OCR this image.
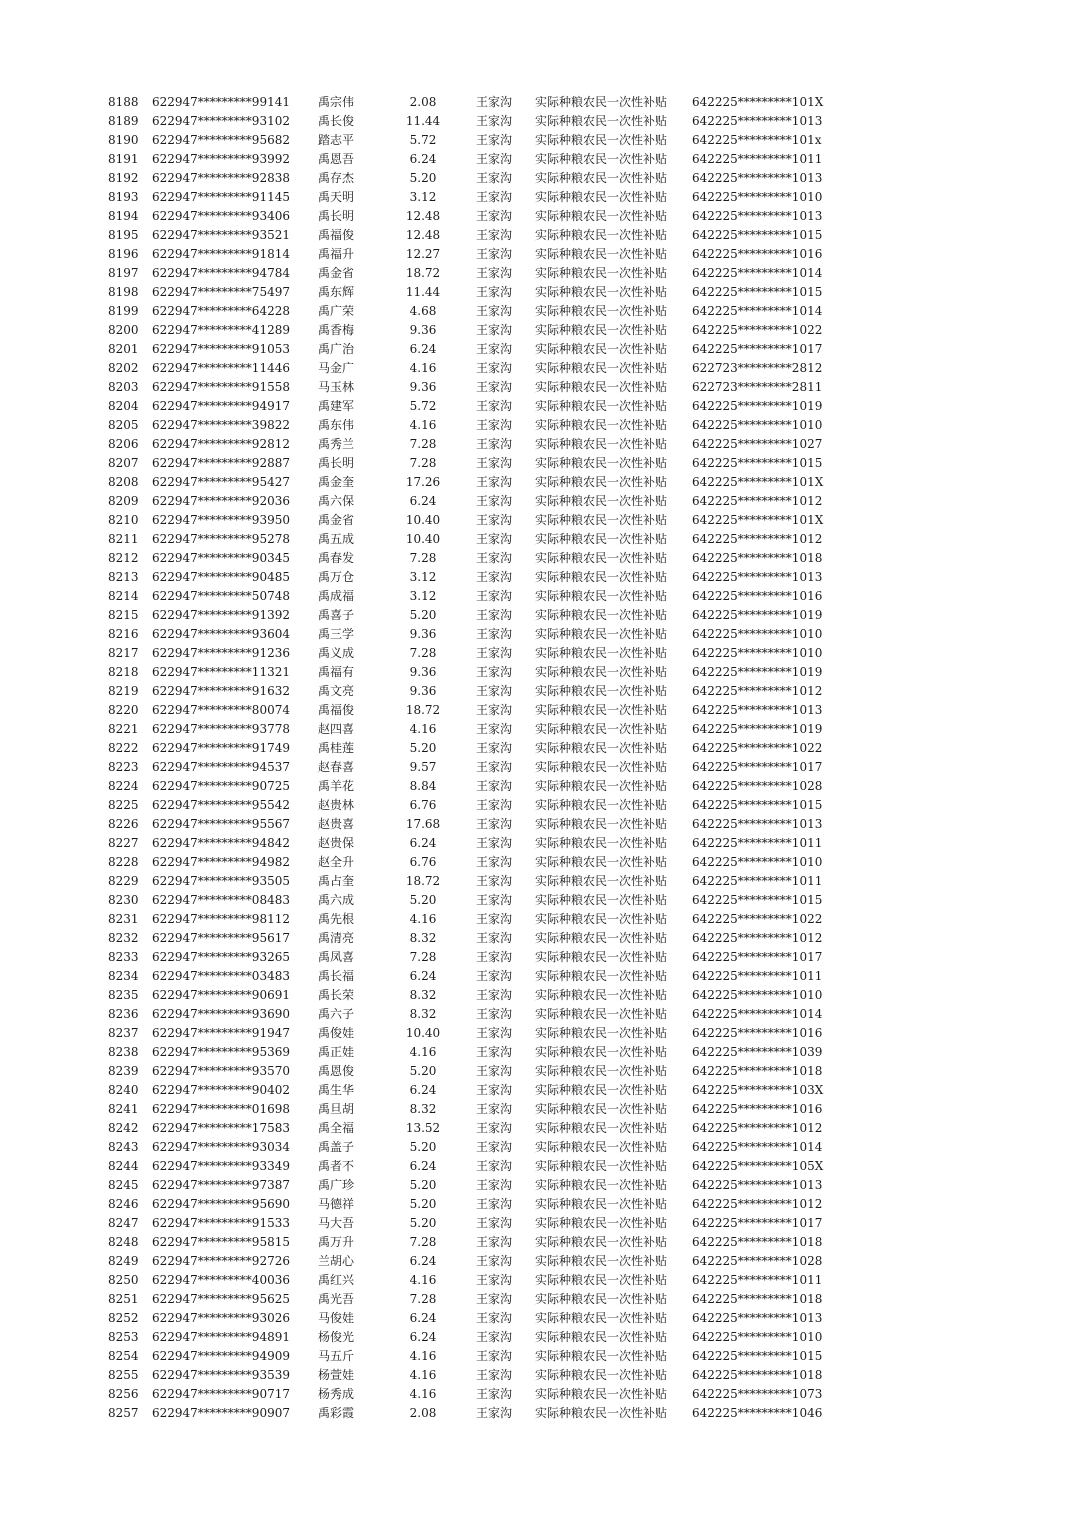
8188 622947*********99141 禹宗伟	2.08	王家沟 实际种粮农民一次性补贴 642225*********101X
8189 622947*********93102 禹长俊	11.44	王家沟 实际种粮农民一次性补贴 642225*********1013
8190 622947*********95682 踏志平	5.72	王家沟 实际种粮农民一次性补贴 642225*********101x
8191 622947*********93992 禹恩吾	6.24	王家沟 实际种粮农民一次性补贴 642225*********1011
8192 622947*********92838 禹存杰	5.20	王家沟 实际种粮农民一次性补贴 642225*********1013
8193 622947*********91145 禹天明	3.12	王家沟 实际种粮农民一次性补贴 642225*********1010
8194 622947*********93406 禹长明	12.48	王家沟 实际种粮农民一次性补贴 642225*********1013
8195 622947*********93521 禹福俊	12.48	王家沟 实际种粮农民一次性补贴 642225*********1015
8196 622947*********91814 禹福升	12.27	王家沟 实际种粮农民一次性补贴 642225*********1016
8197 622947*********94784 禹金省	18.72	王家沟 实际种粮农民一次性补贴 642225*********1014
8198 622947*********75497 禹东辉	11.44	王家沟 实际种粮农民一次性补贴 642225*********1015
8199 622947*********64228 禹广荣	4.68	王家沟 实际种粮农民一次性补贴 642225*********1014
8200 622947*********41289 禹香梅	9.36	王家沟 实际种粮农民一次性补贴 642225*********1022
8201 622947*********91053 禹广治	6.24	王家沟 实际种粮农民一次性补贴 642225*********1017
8202 622947*********11446 马金广	4.16	王家沟 实际种粮农民一次性补贴 622723*********2812
8203 622947*********91558 马玉林	9.36	王家沟 实际种粮农民一次性补贴 622723*********2811
8204 622947*********94917 禹建军	5.72	王家沟 实际种粮农民一次性补贴 642225*********1019
8205 622947*********39822 禹东伟	4.16	王家沟 实际种粮农民一次性补贴 642225*********1010
8206 622947*********92812 禹秀兰	7.28	王家沟 实际种粮农民一次性补贴 642225*********1027
8207 622947*********92887 禹长明	7.28	王家沟 实际种粮农民一次性补贴 642225*********1015
8208 622947*********95427 禹金奎	17.26	王家沟 实际种粮农民一次性补贴 642225*********101X
8209 622947*********92036 禹六保	6.24	王家沟 实际种粮农民一次性补贴 642225*********1012
8210 622947*********93950 禹金省	10.40	王家沟 实际种粮农民一次性补贴 642225*********101X
8211 622947*********95278 禹五成	10.40	王家沟 实际种粮农民一次性补贴 642225*********1012
8212 622947*********90345 禹春发	7.28	王家沟 实际种粮农民一次性补贴 642225*********1018
8213 622947*********90485 禹万仓	3.12	王家沟 实际种粮农民一次性补贴 642225*********1013
8214 622947*********50748 禹成福	3.12	王家沟 实际种粮农民一次性补贴 642225*********1016
8215 622947*********91392 禹喜子	5.20	王家沟 实际种粮农民一次性补贴 642225*********1019
8216 622947*********93604 禹三学	9.36	王家沟 实际种粮农民一次性补贴 642225*********1010
8217 622947*********91236 禹义成	7.28	王家沟 实际种粮农民一次性补贴 642225*********1010
8218 622947*********11321 禹福有	9.36	王家沟 实际种粮农民一次性补贴 642225*********1019
8219 622947*********91632 禹文亮	9.36	王家沟 实际种粮农民一次性补贴 642225*********1012
8220 622947*********80074 禹福俊	18.72	王家沟 实际种粮农民一次性补贴 642225*********1013
8221 622947*********93778 赵四喜	4.16	王家沟 实际种粮农民一次性补贴 642225*********1019
8222 622947*********91749 禹桂莲	5.20	王家沟 实际种粮农民一次性补贴 642225*********1022
8223 622947*********94537 赵春喜	9.57	王家沟 实际种粮农民一次性补贴 642225*********1017
8224 622947*********90725 禹羊花	8.84	王家沟 实际种粮农民一次性补贴 642225*********1028
8225 622947*********95542 赵贵林	6.76	王家沟 实际种粮农民一次性补贴 642225*********1015
8226 622947*********95567 赵贵喜	17.68	王家沟 实际种粮农民一次性补贴 642225*********1013
8227 622947*********94842 赵贵保	6.24	王家沟 实际种粮农民一次性补贴 642225*********1011
8228 622947*********94982 赵全升	6.76	王家沟 实际种粮农民一次性补贴 642225*********1010
8229 622947*********93505 禹占奎	18.72	王家沟 实际种粮农民一次性补贴 642225*********1011
8230 622947*********08483 禹六成	5.20	王家沟 实际种粮农民一次性补贴 642225*********1015
8231 622947*********98112 禹先根	4.16	王家沟 实际种粮农民一次性补贴 642225*********1022
8232 622947*********95617 禹清亮	8.32	王家沟 实际种粮农民一次性补贴 642225*********1012
8233 622947*********93265 禹凤喜	7.28	王家沟 实际种粮农民一次性补贴 642225*********1017
8234 622947*********03483 禹长福	6.24	王家沟 实际种粮农民一次性补贴 642225*********1011
8235 622947*********90691 禹长荣	8.32	王家沟 实际种粮农民一次性补贴 642225*********1010
8236 622947*********93690 禹六子	8.32	王家沟 实际种粮农民一次性补贴 642225*********1014
8237 622947*********91947 禹俊娃	10.40	王家沟 实际种粮农民一次性补贴 642225*********1016
8238 622947*********95369 禹正娃	4.16	王家沟 实际种粮农民一次性补贴 642225*********1039
8239 622947*********93570 禹恩俊	5.20	王家沟 实际种粮农民一次性补贴 642225*********1018
8240 622947*********90402 禹生华	6.24	王家沟 实际种粮农民一次性补贴 642225*********103X
8241 622947*********01698 禹旦胡	8.32	王家沟 实际种粮农民一次性补贴 642225*********1016
8242 622947*********17583 禹全福	13.52	王家沟 实际种粮农民一次性补贴 642225*********1012
8243 622947*********93034 禹盖子	5.20	王家沟 实际种粮农民一次性补贴 642225*********1014
8244 622947*********93349 禹者不	6.24	王家沟 实际种粮农民一次性补贴 642225*********105X
8245 622947*********97387 禹广珍	5.20	王家沟 实际种粮农民一次性补贴 642225*********1013
8246 622947*********95690 马德祥	5.20	王家沟 实际种粮农民一次性补贴 642225*********1012
8247 622947*********91533 马大吾	5.20	王家沟 实际种粮农民一次性补贴 642225*********1017
8248 622947*********95815 禹万升	7.28	王家沟 实际种粮农民一次性补贴 642225*********1018
8249 622947*********92726 兰胡心	6.24	王家沟 实际种粮农民一次性补贴 642225*********1028
8250 622947*********40036 禹红兴	4.16	王家沟 实际种粮农民一次性补贴 642225*********1011
8251 622947*********95625 禹光吾	7.28	王家沟 实际种粮农民一次性补贴 642225*********1018
8252 622947*********93026 马俊娃	6.24	王家沟 实际种粮农民一次性补贴 642225*********1013
8253 622947*********94891 杨俊光	6.24	王家沟 实际种粮农民一次性补贴 642225*********1010
8254 622947*********94909 马五斤	4.16	王家沟 实际种粮农民一次性补贴 642225*********1015
8255 622947*********93539 杨萱娃	4.16	王家沟 实际种粮农民一次性补贴 642225*********1018
8256 622947*********90717 杨秀成	4.16	王家沟 实际种粮农民一次性补贴 642225*********1073
8257 622947*********90907 禹彩霞	2.08	王家沟 实际种粮农民一次性补贴 642225*********1046
